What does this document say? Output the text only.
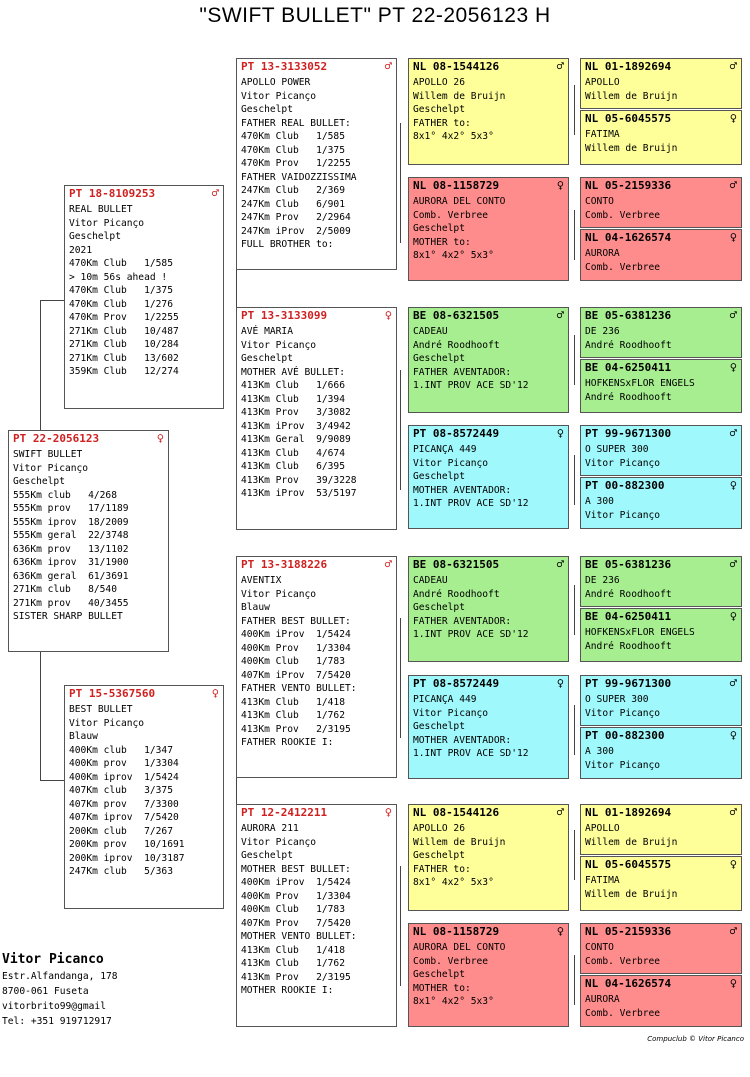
"SWIFT BULLET" PT 22-2056123 H
PT 22-2056123	♀
SWIFT BULLET
Vitor Picanço
Geschelpt
555Km club 4/268
555Km prov 17/1189
555Km iprov 18/2009
555Km geral 22/3748
636Km prov 13/1102
636Km iprov 31/1900
636Km geral 61/3691
271Km club 8/540
271Km prov 40/3455
SISTER SHARP BULLET
PT 18-8109253	♂
REAL BULLET
Vitor Picanço
Geschelpt
2021
470Km Club 1/585
> 10m 56s ahead !
470Km Club 1/375
470Km Club 1/276
470Km Prov 1/2255
271Km Club 10/487
271Km Club 10/284
271Km Club 13/602
359Km Club 12/274
PT 15-5367560	♀
BEST BULLET
Vitor Picanço
Blauw
400Km club 1/347
400Km prov 1/3304
400Km iprov 1/5424
407Km club 3/375
407Km prov 7/3300
407Km iprov 7/5420
200Km club 7/267
200Km prov 10/1691
200Km iprov 10/3187
247Km club 5/363
PT 13-3133052	♂
APOLLO POWER
Vitor Picanço
Geschelpt
FATHER REAL BULLET:
470Km Club 1/585
470Km Club 1/375
470Km Prov 1/2255
FATHER VAIDOZZISSIMA
247Km Club 2/369
247Km Club 6/901
247Km Prov 2/2964
247Km iProv 2/5009
FULL BROTHER to:
PT 13-3133099	♀
AVÉ MARIA
Vitor Picanço
Geschelpt
MOTHER AVÉ BULLET:
413Km Club 1/666
413Km Club 1/394
413Km Prov 3/3082
413Km iProv 3/4942
413Km Geral 9/9089
413Km Club 4/674
413Km Club 6/395
413Km Prov 39/3228
413Km iProv 53/5197
PT 13-3188226	♂
AVENTIX
Vitor Picanço
Blauw
FATHER BEST BULLET:
400Km iProv 1/5424
400Km Prov 1/3304
400Km Club 1/783
407Km iProv 7/5420
FATHER VENTO BULLET:
413Km Club 1/418
413Km Club 1/762
413Km Prov 2/3195
FATHER ROOKIE I:
PT 12-2412211	♀
AURORA 211
Vitor Picanço
Geschelpt
MOTHER BEST BULLET:
400Km iProv 1/5424
400Km Prov 1/3304
400Km Club 1/783
407Km Prov 7/5420
MOTHER VENTO BULLET:
413Km Club 1/418
413Km Club 1/762
413Km Prov 2/3195
MOTHER ROOKIE I:
NL 08-1544126	♂
APOLLO 26
Willem de Bruijn
Geschelpt
FATHER to:
8x1° 4x2° 5x3°
NL 08-1158729	♀
AURORA DEL CONTO
Comb. Verbree
Geschelpt
MOTHER to:
8x1° 4x2° 5x3°
BE 08-6321505	♂
CADEAU
André Roodhooft
Geschelpt
FATHER AVENTADOR:
1.INT PROV ACE SD'12
PT 08-8572449	♀
PICANÇA 449
Vitor Picanço
Geschelpt
MOTHER AVENTADOR:
1.INT PROV ACE SD'12
BE 08-6321505	♂
CADEAU
André Roodhooft
Geschelpt
FATHER AVENTADOR:
1.INT PROV ACE SD'12
PT 08-8572449	♀
PICANÇA 449
Vitor Picanço
Geschelpt
MOTHER AVENTADOR:
1.INT PROV ACE SD'12
NL 08-1544126	♂
APOLLO 26
Willem de Bruijn
Geschelpt
FATHER to:
8x1° 4x2° 5x3°
NL 08-1158729	♀
AURORA DEL CONTO
Comb. Verbree
Geschelpt
MOTHER to:
8x1° 4x2° 5x3°
NL 01-1892694	♂
APOLLO
Willem de Bruijn
NL 05-6045575	♀
FATIMA
Willem de Bruijn
NL 05-2159336	♂
CONTO
Comb. Verbree
NL 04-1626574	♀
AURORA
Comb. Verbree
BE 05-6381236	♂
DE 236
André Roodhooft
BE 04-6250411	♀
HOFKENSxFLOR ENGELS
André Roodhooft
PT 99-9671300	♂
O SUPER 300
Vitor Picanço
PT 00-882300	♀
A 300
Vitor Picanço
BE 05-6381236	♂
DE 236
André Roodhooft
BE 04-6250411	♀
HOFKENSxFLOR ENGELS
André Roodhooft
PT 99-9671300	♂
O SUPER 300
Vitor Picanço
PT 00-882300	♀
A 300
Vitor Picanço
NL 01-1892694	♂
APOLLO
Willem de Bruijn
NL 05-6045575	♀
FATIMA
Willem de Bruijn
NL 05-2159336	♂
CONTO
Comb. Verbree
NL 04-1626574	♀
AURORA
Comb. Verbree
Vitor Picanco
Estr.Alfandanga, 178
8700-061 Fuseta
vitorbrito99@gmail
Tel: +351 919712917
Compuclub © Vitor Picanco
